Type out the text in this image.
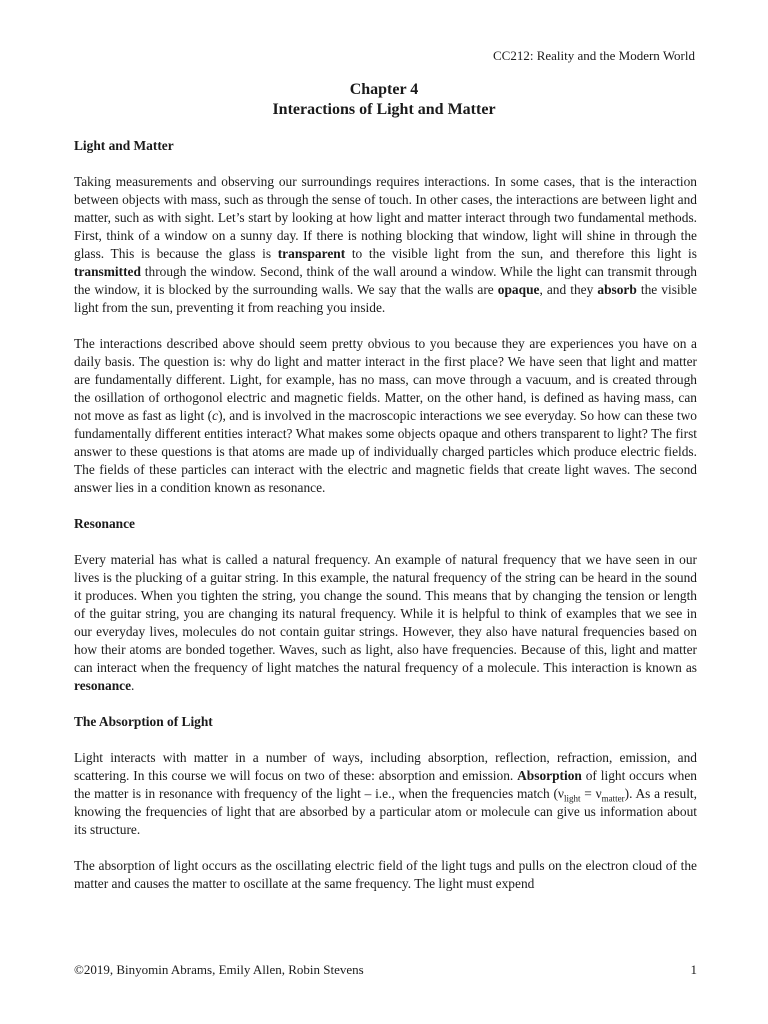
CC212: Reality and the Modern World
Chapter 4
Interactions of Light and Matter
Light and Matter

Taking measurements and observing our surroundings requires interactions. In some cases, that is the interaction between objects with mass, such as through the sense of touch. In other cases, the interactions are between light and matter, such as with sight. Let’s start by looking at how light and matter interact through two fundamental methods. First, think of a window on a sunny day. If there is nothing blocking that window, light will shine in through the glass. This is because the glass is transparent to the visible light from the sun, and therefore this light is transmitted through the window. Second, think of the wall around a window. While the light can transmit through the window, it is blocked by the surrounding walls. We say that the walls are opaque, and they absorb the visible light from the sun, preventing it from reaching you inside.

The interactions described above should seem pretty obvious to you because they are experiences you have on a daily basis. The question is: why do light and matter interact in the first place? We have seen that light and matter are fundamentally different. Light, for example, has no mass, can move through a vacuum, and is created through the osillation of orthogonol electric and magnetic fields. Matter, on the other hand, is defined as having mass, can not move as fast as light (c), and is involved in the macroscopic interactions we see everyday. So how can these two fundamentally different entities interact? What makes some objects opaque and others transparent to light? The first answer to these questions is that atoms are made up of individually charged particles which produce electric fields. The fields of these particles can interact with the electric and magnetic fields that create light waves. The second answer lies in a condition known as resonance.

Resonance

Every material has what is called a natural frequency. An example of natural frequency that we have seen in our lives is the plucking of a guitar string. In this example, the natural frequency of the string can be heard in the sound it produces. When you tighten the string, you change the sound. This means that by changing the tension or length of the guitar string, you are changing its natural frequency. While it is helpful to think of examples that we see in our everyday lives, molecules do not contain guitar strings. However, they also have natural frequencies based on how their atoms are bonded together. Waves, such as light, also have frequencies. Because of this, light and matter can interact when the frequency of light matches the natural frequency of a molecule. This interaction is known as resonance.

The Absorption of Light

Light interacts with matter in a number of ways, including absorption, reflection, refraction, emission, and scattering. In this course we will focus on two of these: absorption and emission. Absorption of light occurs when the matter is in resonance with frequency of the light – i.e., when the frequencies match $(\nu_{light} = \nu_{matter})$. As a result, knowing the frequencies of light that are absorbed by a particular atom or molecule can give us information about its structure.

The absorption of light occurs as the oscillating electric field of the light tugs and pulls on the electron cloud of the matter and causes the matter to oscillate at the same frequency. The light must expend

©2019, Binyomin Abrams, Emily Allen, Robin Stevens	1
